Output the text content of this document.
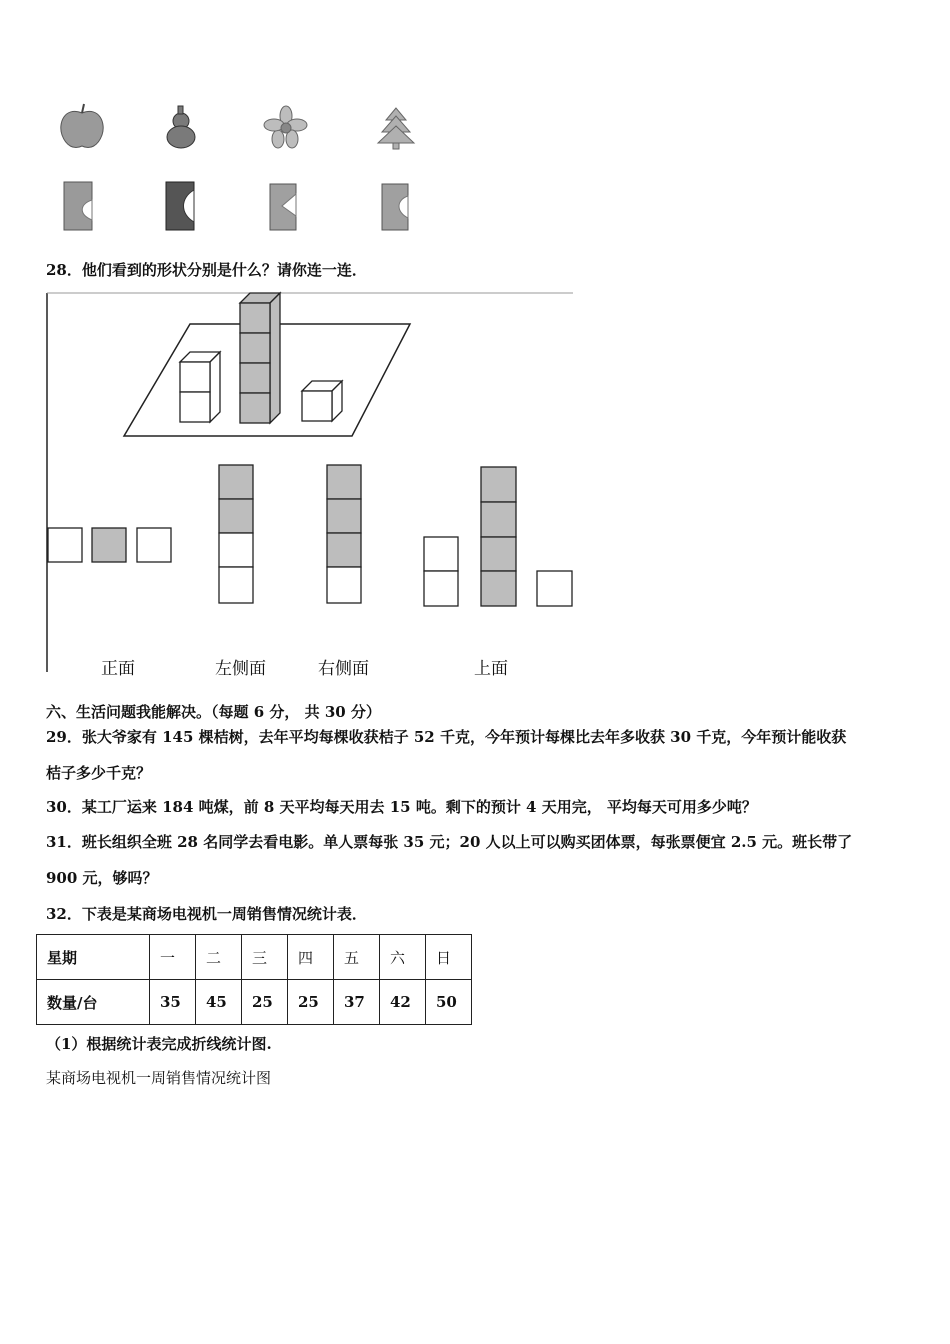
28．他们看到的形状分别是什么？请你连一连．
正面	左侧面	右侧面	上面
六、生活问题我能解决。（每题 6 分， 共 30 分）
29．张大爷家有 145 棵桔树，去年平均每棵收获桔子 52 千克，今年预计每棵比去年多收获 30 千克，今年预计能收获
桔子多少千克？
30．某工厂运来 184 吨煤，前 8 天平均每天用去 15 吨。剩下的预计 4 天用完， 平均每天可用多少吨？
31．班长组织全班 28 名同学去看电影。单人票每张 35 元；20 人以上可以购买团体票，每张票便宜 2.5 元。班长带了
900 元，够吗？
32．下表是某商场电视机一周销售情况统计表．
星期	一	二	三	四	五	六	日
数量/台	35	45	25	25	37	42	50
（1）根据统计表完成折线统计图.
某商场电视机一周销售情况统计图
